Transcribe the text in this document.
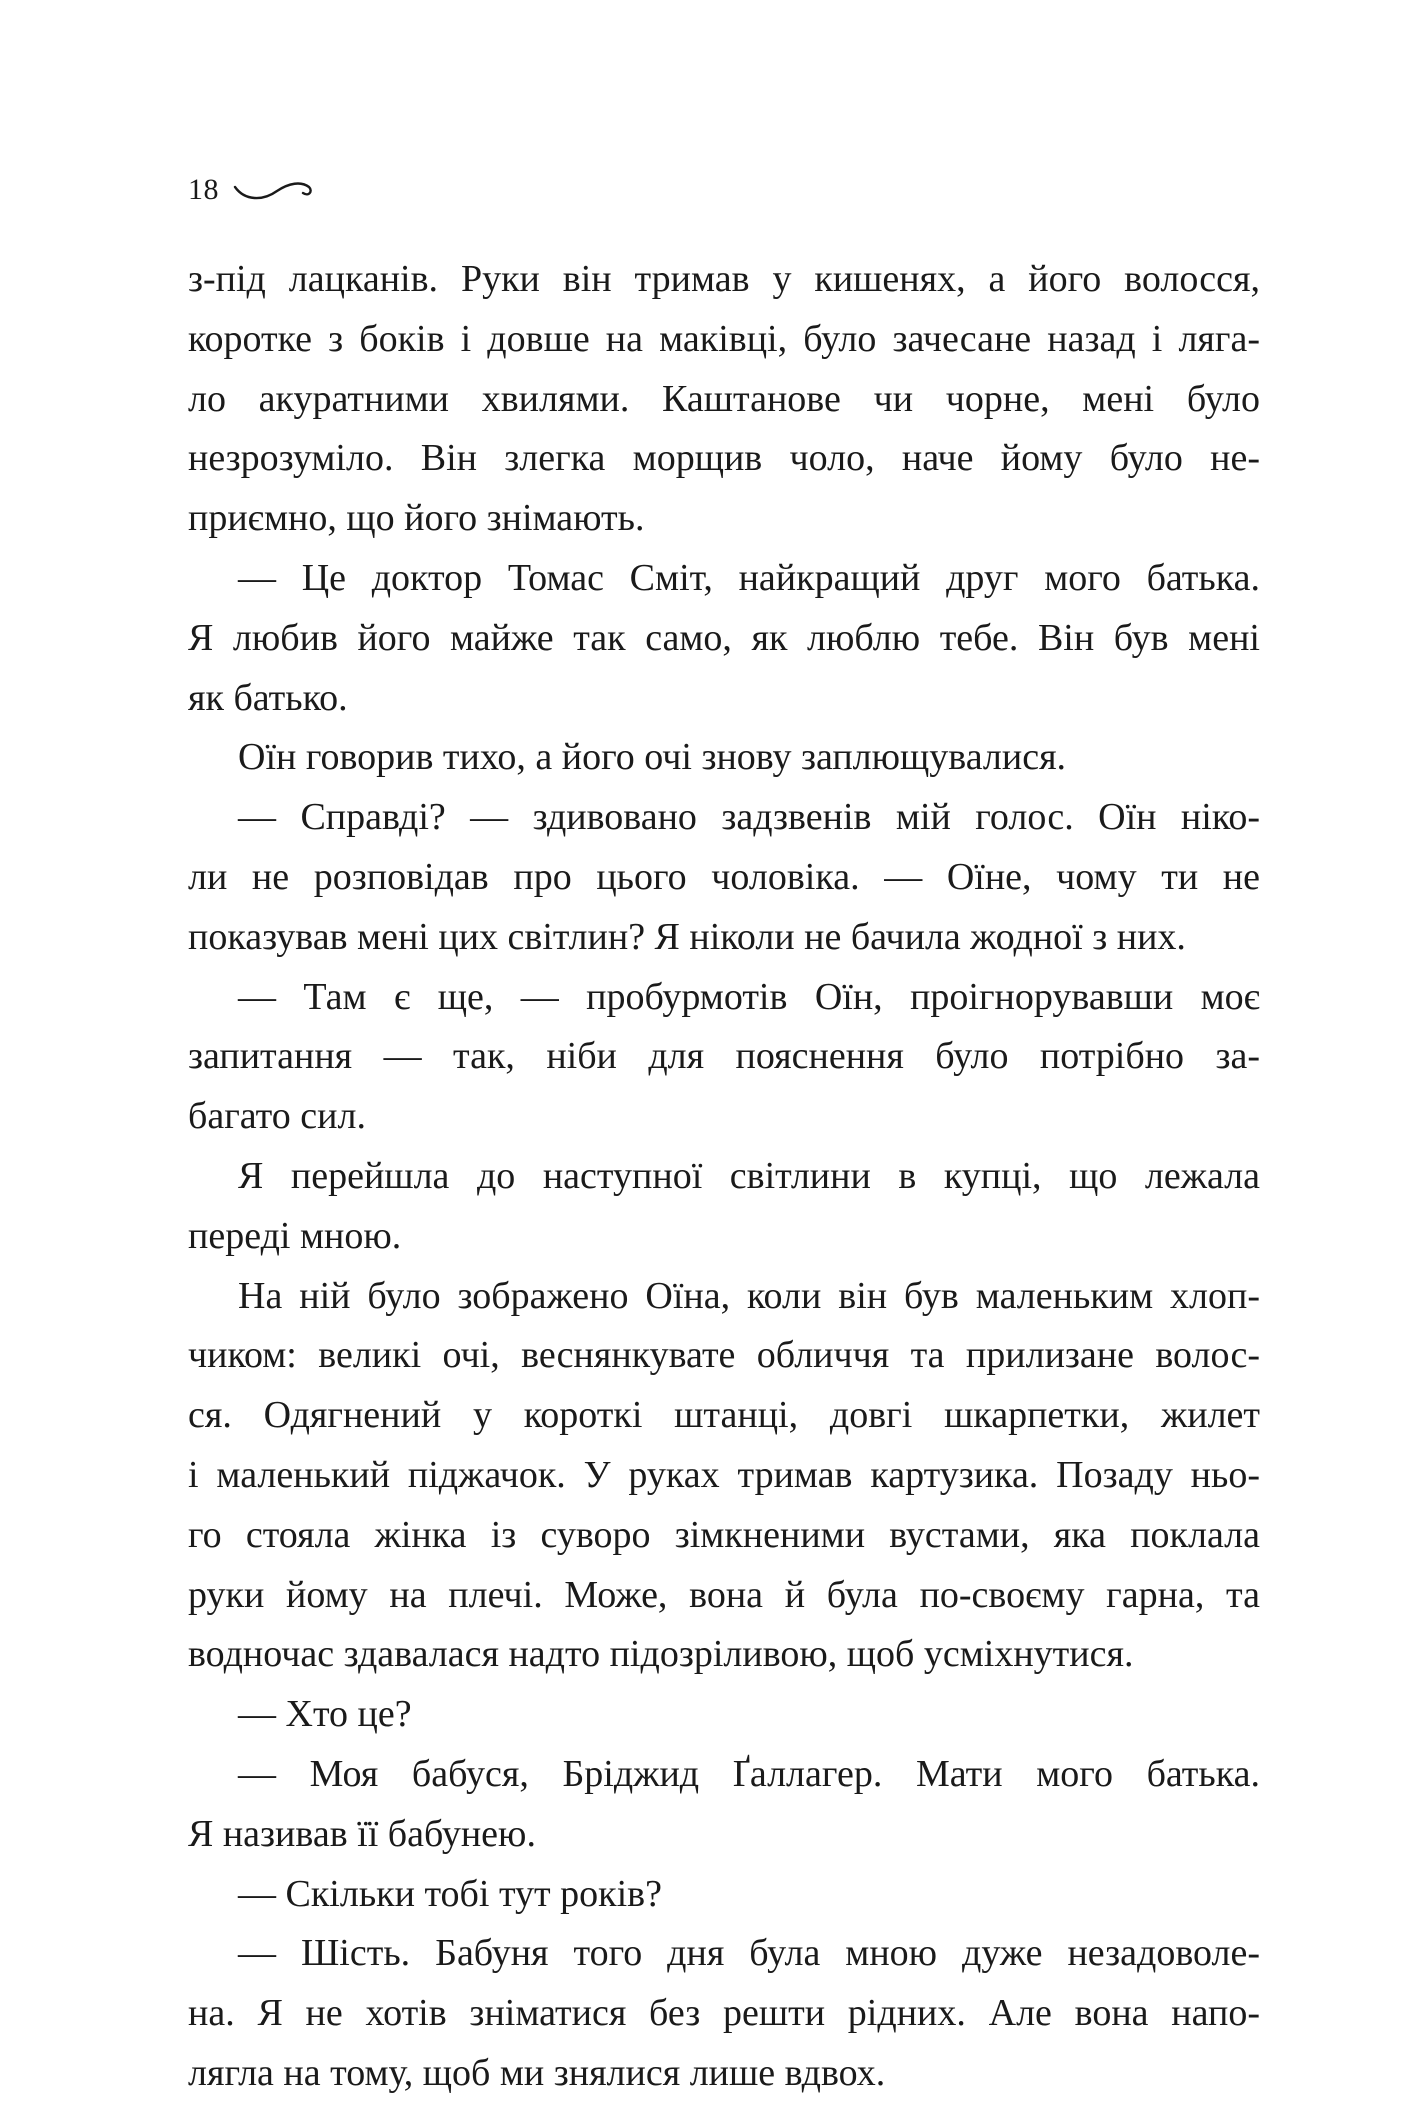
18
з-під лацканів. Руки він тримав у кишенях, а його волосся,
коротке з боків і довше на маківці, було зачесане назад і лягa-
ло акуратними хвилями. Каштанове чи чорне, мені було
незрозуміло. Він злегка морщив чоло, наче йому було не-
приємно, що його знімають.
— Це доктор Томас Сміт, найкращий друг мого батька.
Я любив його майже так само, як люблю тебе. Він був мені
як батько.
Оїн говорив тихо, а його очі знову заплющувалися.
— Справді? — здивовано задзвенів мій голос. Оїн ніко-
ли не розповідав про цього чоловіка. — Оїне, чому ти не
показував мені цих світлин? Я ніколи не бачила жодної з них.
— Там є ще, — пробурмотів Оїн, проігнорувавши моє
запитання — так, ніби для пояснення було потрібно за-
багато сил.
Я перейшла до наступної світлини в купці, що лежала
переді мною.
На ній було зображено Оїна, коли він був маленьким хлоп-
чиком: великі очі, веснянкувате обличчя та прилизане волос-
ся. Одягнений у короткі штанці, довгі шкарпетки, жилет
і маленький піджачок. У руках тримав картузика. Позаду ньо-
го стояла жінка із суворо зімкненими вустами, яка поклала
руки йому на плечі. Може, вона й була по-своєму гарна, та
водночас здавалася надто підозріливою, щоб усміхнутися.
— Хто це?
— Моя бабуся, Бріджид Ґаллагер. Мати мого батька.
Я називав її бабунею.
— Скільки тобі тут років?
— Шість. Бабуня того дня була мною дуже незадоволе-
на. Я не хотів зніматися без решти рідних. Але вона напо-
лягла на тому, щоб ми знялися лише вдвох.
